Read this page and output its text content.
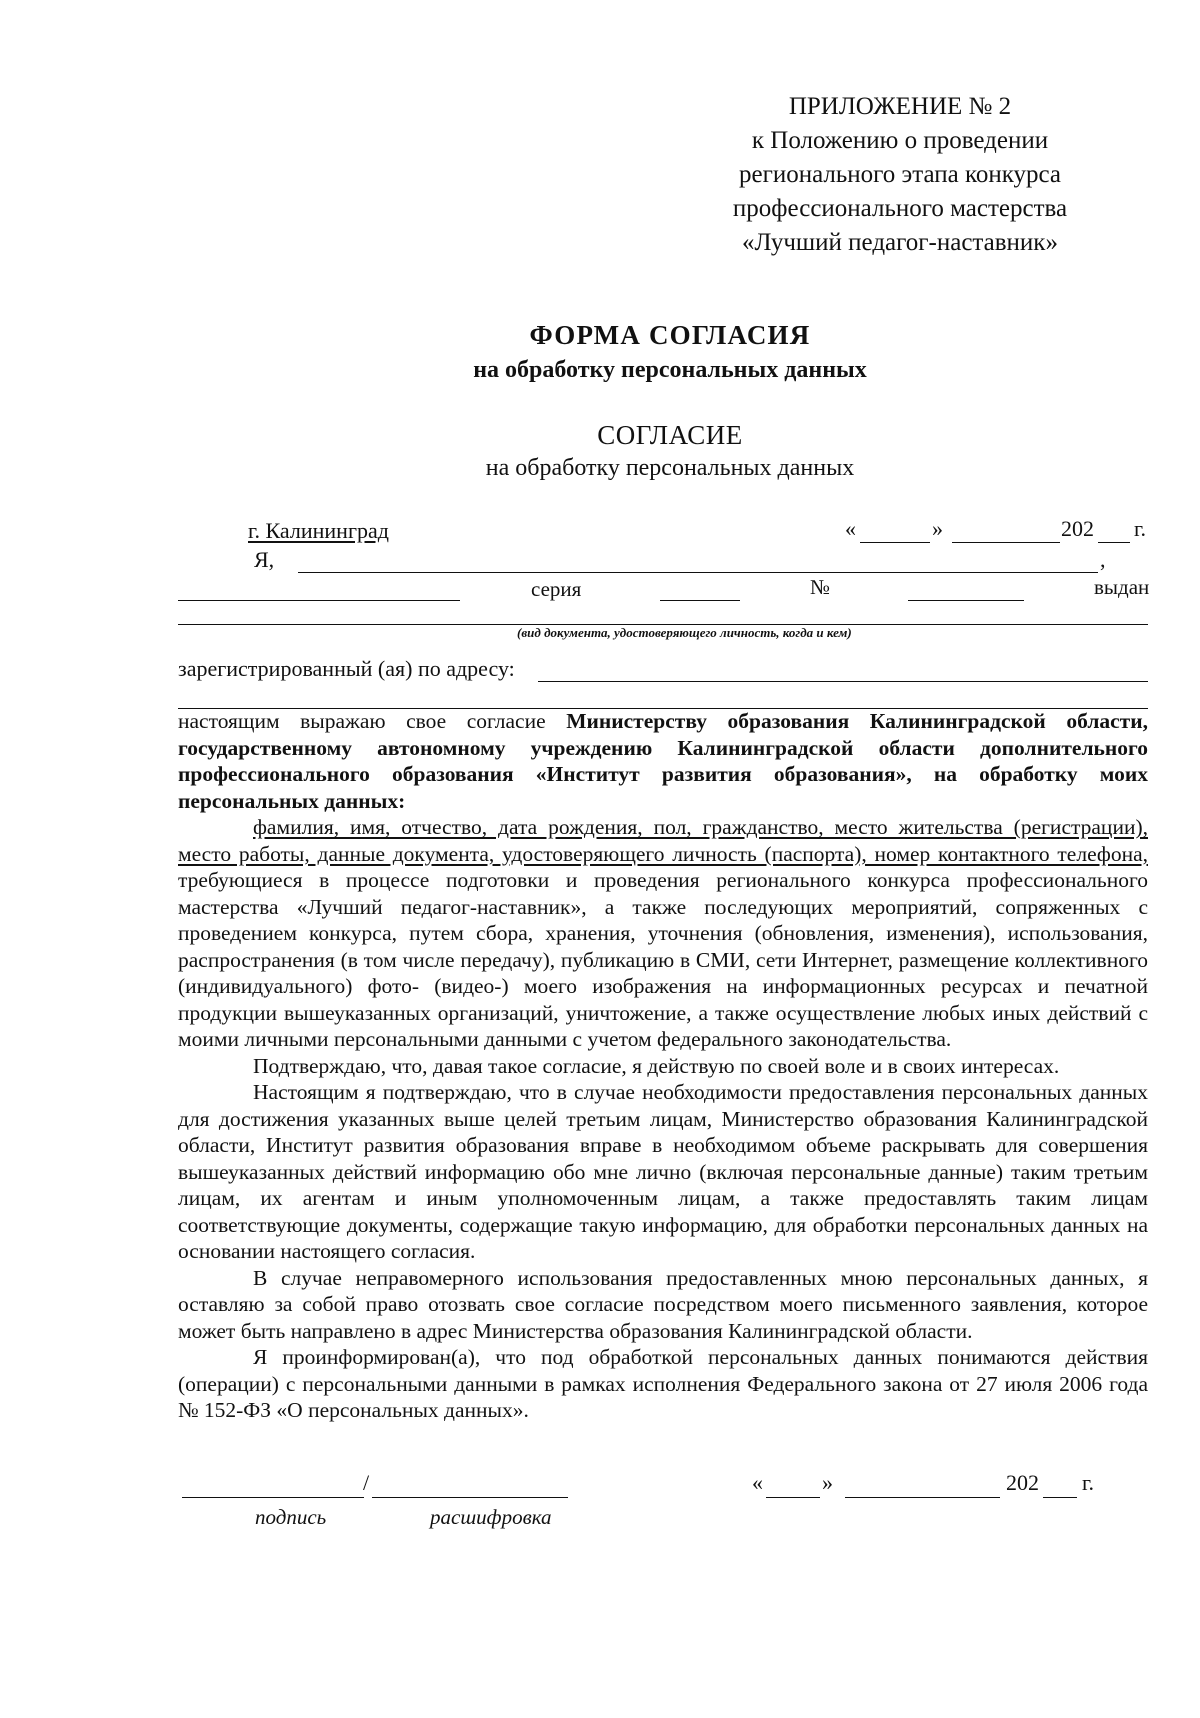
ПРИЛОЖЕНИЕ № 2
к Положению о проведении
регионального этапа конкурса
профессионального мастерства
«Лучший педагог-наставник»
ФОРМА СОГЛАСИЯ
на обработку персональных данных
СОГЛАСИЕ
на обработку персональных данных
г. Калининград	«	»	202 г.
Я,	,
серия	№	выдан
(вид документа, удостоверяющего личность, когда и кем)
зарегистрированный (ая) по адресу:

настоящим выражаю свое согласие Министерству образования Калининградской области, государственному автономному учреждению Калининградской области дополнительного профессионального образования «Институт развития образования», на обработку моих персональных данных:

фамилия, имя, отчество, дата рождения, пол, гражданство, место жительства (регистрации), место работы, данные документа, удостоверяющего личность (паспорта), номер контактного телефона, требующиеся в процессе подготовки и проведения регионального конкурса профессионального мастерства «Лучший педагог-наставник», а также последующих мероприятий, сопряженных с проведением конкурса, путем сбора, хранения, уточнения (обновления, изменения), использования, распространения (в том числе передачу), публикацию в СМИ, сети Интернет, размещение коллективного (индивидуального) фото- (видео-) моего изображения на информационных ресурсах и печатной продукции вышеуказанных организаций, уничтожение, а также осуществление любых иных действий с моими личными персональными данными с учетом федерального законодательства.

Подтверждаю, что, давая такое согласие, я действую по своей воле и в своих интересах.

Настоящим я подтверждаю, что в случае необходимости предоставления персональных данных для достижения указанных выше целей третьим лицам, Министерство образования Калининградской области, Институт развития образования вправе в необходимом объеме раскрывать для совершения вышеуказанных действий информацию обо мне лично (включая персональные данные) таким третьим лицам, их агентам и иным уполномоченным лицам, а также предоставлять таким лицам соответствующие документы, содержащие такую информацию, для обработки персональных данных на основании настоящего согласия.

В случае неправомерного использования предоставленных мною персональных данных, я оставляю за собой право отозвать свое согласие посредством моего письменного заявления, которое может быть направлено в адрес Министерства образования Калининградской области.

Я проинформирован(а), что под обработкой персональных данных понимаются действия (операции) с персональными данными в рамках исполнения Федерального закона от 27 июля 2006 года № 152-ФЗ «О персональных данных».

/
подпись	расшифровка
«	»	202 г.
